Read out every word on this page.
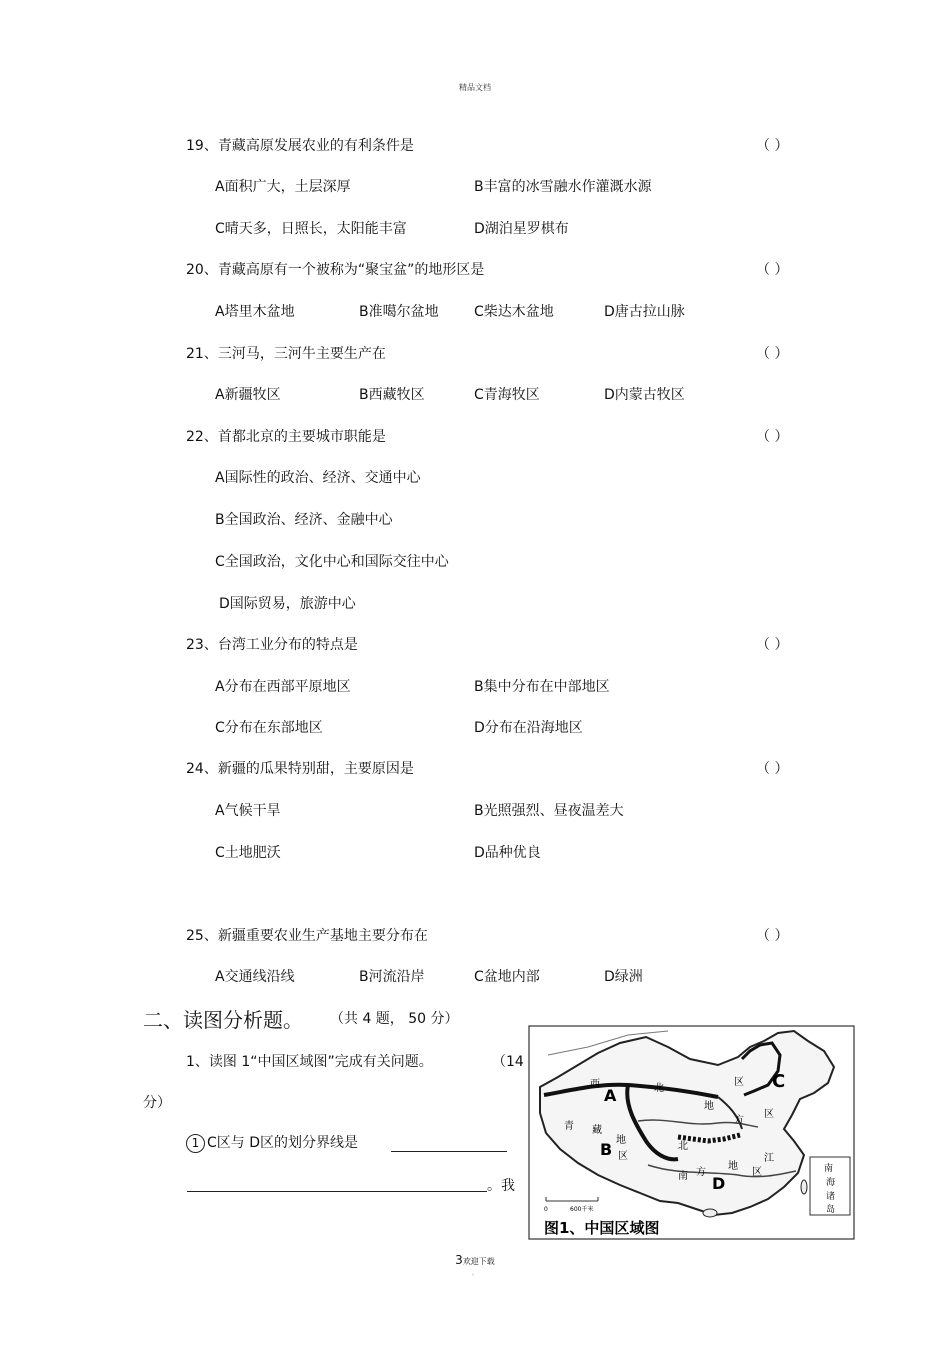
精品文档
19、青藏高原发展农业的有利条件是	（ ）
A面积广大，土层深厚	B丰富的冰雪融水作灌溉水源
C晴天多，日照长，太阳能丰富	D湖泊星罗棋布
20、青藏高原有一个被称为“聚宝盆”的地形区是	（ ）
A塔里木盆地	B准噶尔盆地	C柴达木盆地	D唐古拉山脉
21、三河马，三河牛主要生产在	（ ）
A新疆牧区	B西藏牧区	C青海牧区	D内蒙古牧区
22、首都北京的主要城市职能是	（ ）
A国际性的政治、经济、交通中心
B全国政治、经济、金融中心
C全国政治，文化中心和国际交往中心
D国际贸易，旅游中心
23、台湾工业分布的特点是	（ ）
A分布在西部平原地区	B集中分布在中部地区
C分布在东部地区	D分布在沿海地区
24、新疆的瓜果特别甜，主要原因是	（ ）
A气候干旱	B光照强烈、昼夜温差大
C土地肥沃	D品种优良
25、新疆重要农业生产基地主要分布在	（ ）
A交通线沿线	B河流沿岸	C盆地内部	D绿洲
二、读图分析题。 （共 4 题， 50 分）
1、读图 1“中国区域图”完成有关问题。	（14
分）
1 C区与 D区的划分界线是
。我
A
B
C
D
西	北
区
青 藏
地
区
北
地
区
方
南 方
地
区
江
南
海
诸
岛
0	600千米
图1、中国区域图
3欢迎下载
。
